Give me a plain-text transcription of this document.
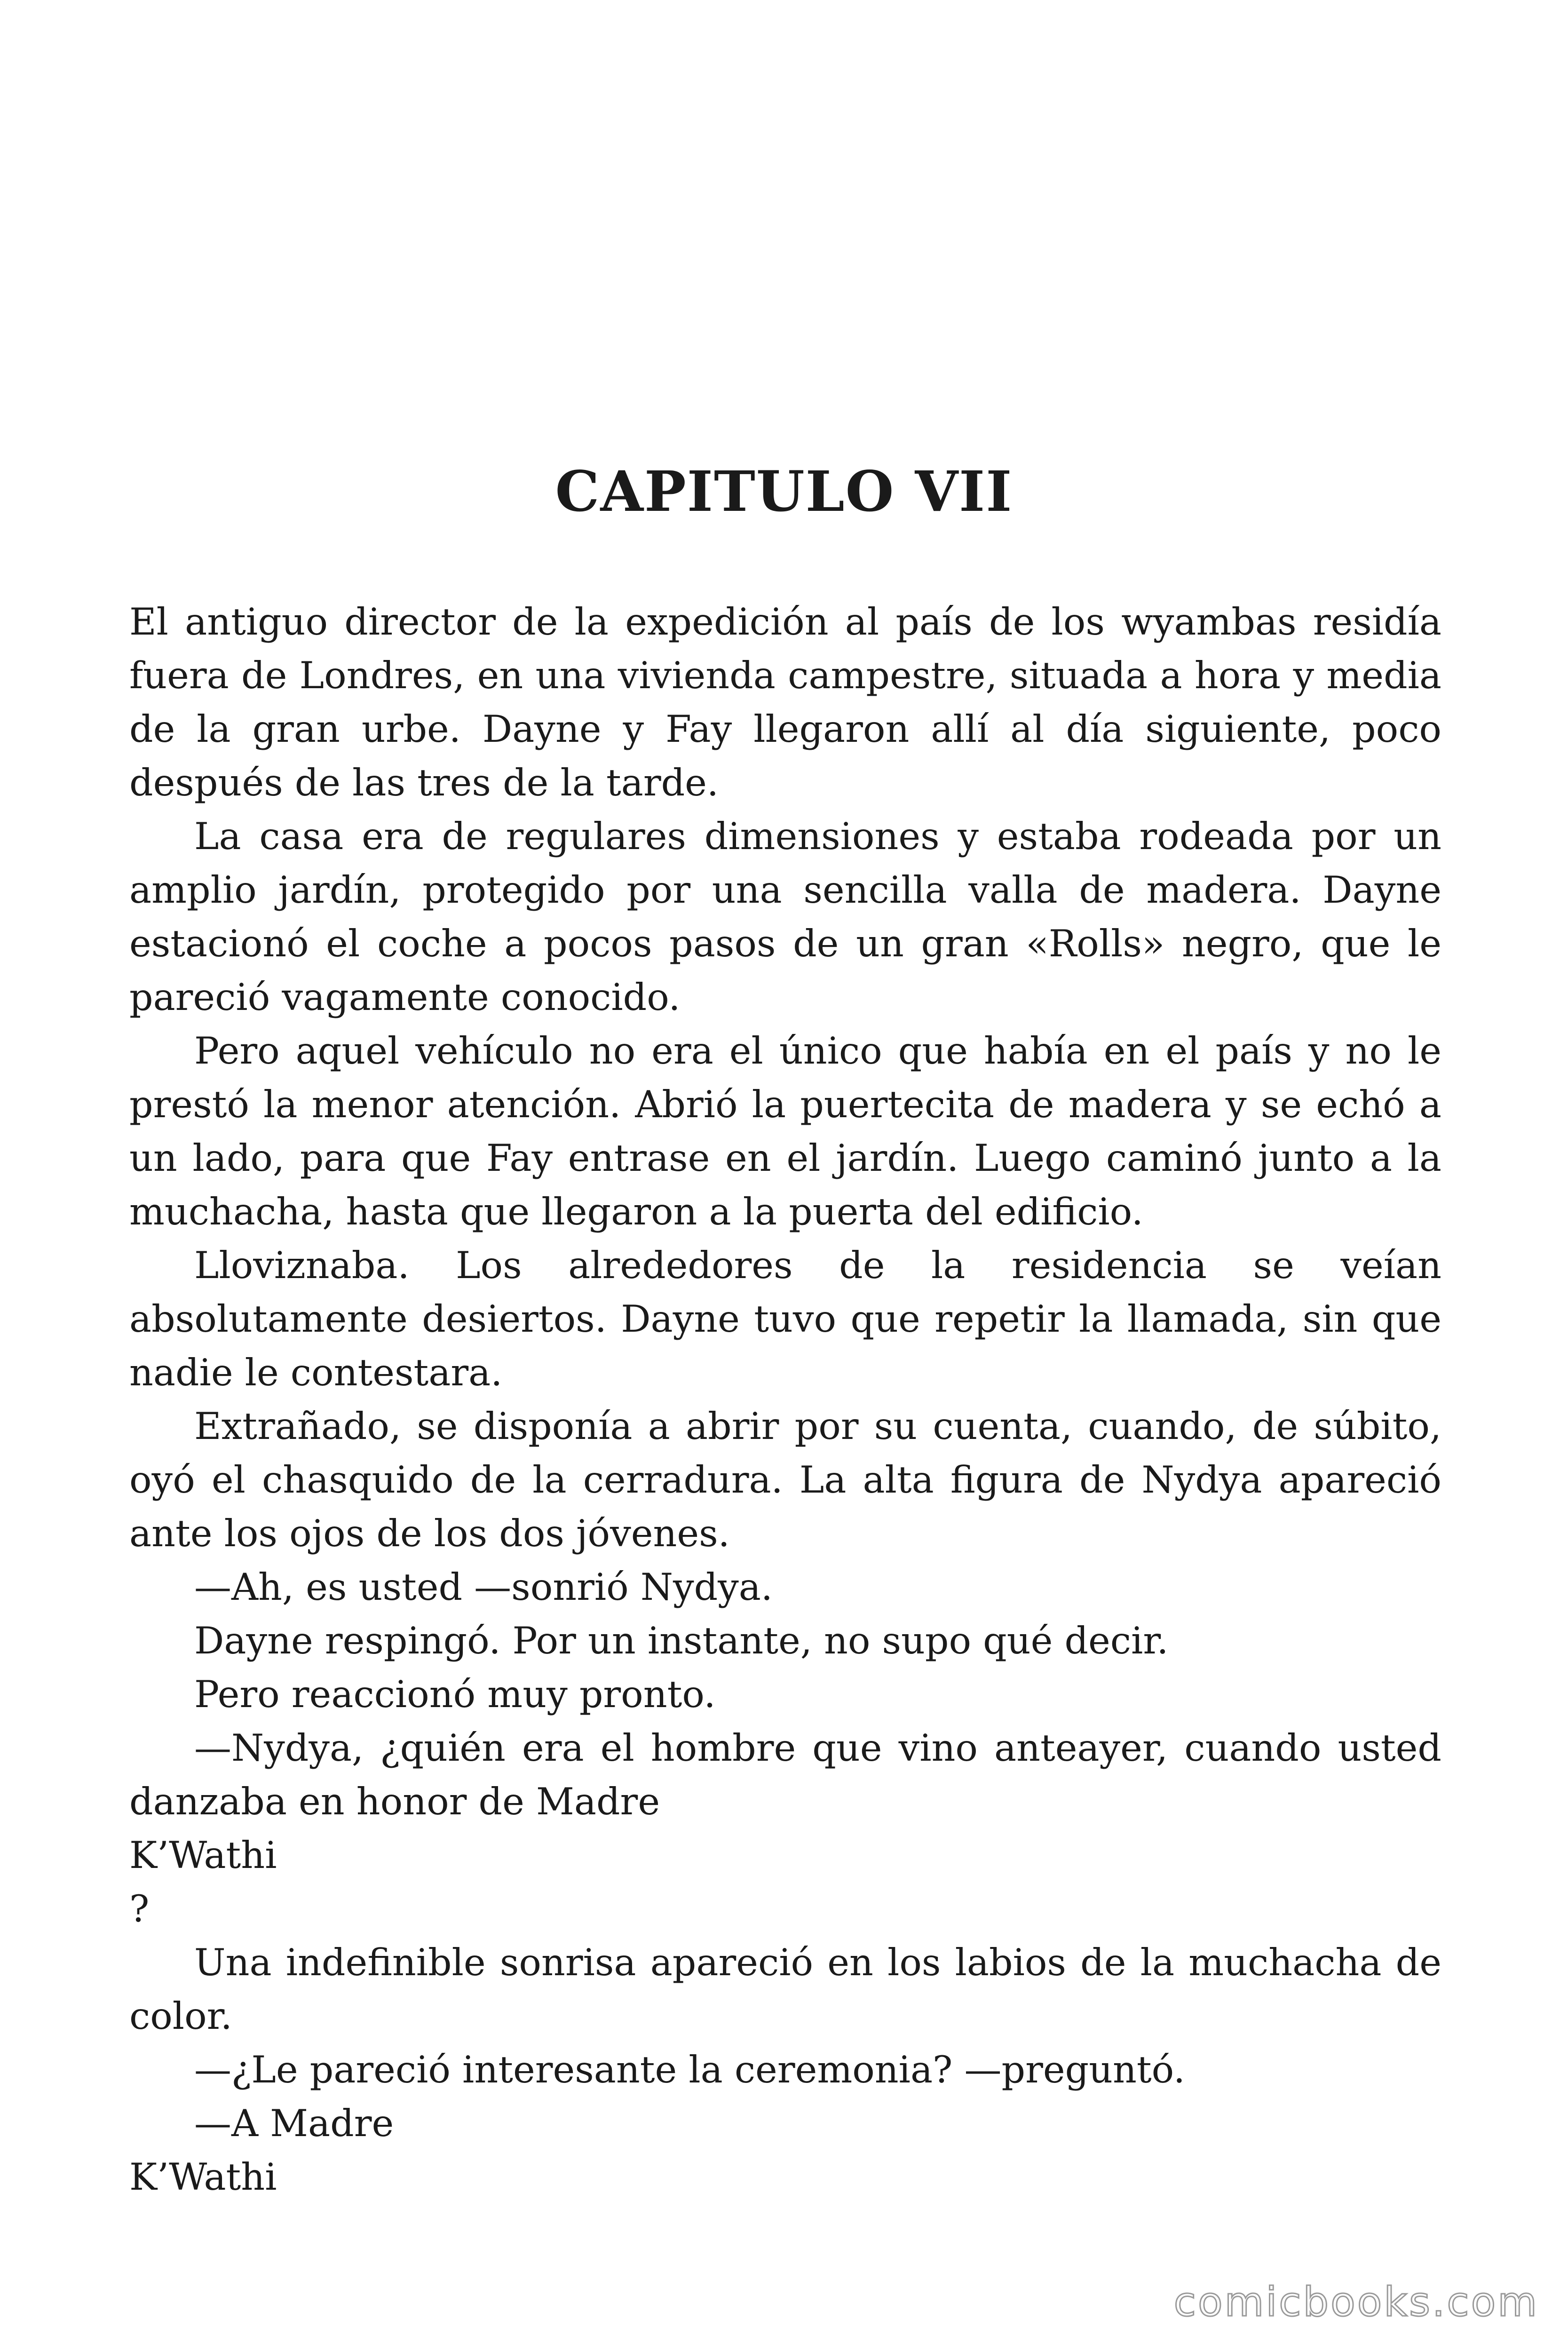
CAPITULO VII

El antiguo director de la expedición al país de los wyambas residía fuera de Londres, en una vivienda campestre, situada a hora y media de la gran urbe. Dayne y Fay llegaron allí al día siguiente, poco después de las tres de la tarde.

La casa era de regulares dimensiones y estaba rodeada por un amplio jardín, protegido por una sencilla valla de madera. Dayne estacionó el coche a pocos pasos de un gran «Rolls» negro, que le pareció vagamente conocido.

Pero aquel vehículo no era el único que había en el país y no le prestó la menor atención. Abrió la puertecita de madera y se echó a un lado, para que Fay entrase en el jardín. Luego caminó junto a la muchacha, hasta que llegaron a la puerta del edificio.

Lloviznaba. Los alrededores de la residencia se veían absolutamente desiertos. Dayne tuvo que repetir la llamada, sin que nadie le contestara.

Extrañado, se disponía a abrir por su cuenta, cuando, de súbito, oyó el chasquido de la cerradura. La alta figura de Nydya apareció ante los ojos de los dos jóvenes.

—Ah, es usted —sonrió Nydya.

Dayne respingó. Por un instante, no supo qué decir.

Pero reaccionó muy pronto.

—Nydya, ¿quién era el hombre que vino anteayer, cuando usted danzaba en honor de Madre

K’Wathi

?

Una indefinible sonrisa apareció en los labios de la muchacha de color.

—¿Le pareció interesante la ceremonia? —preguntó.

—A Madre

K’Wathi

comicbooks.com
